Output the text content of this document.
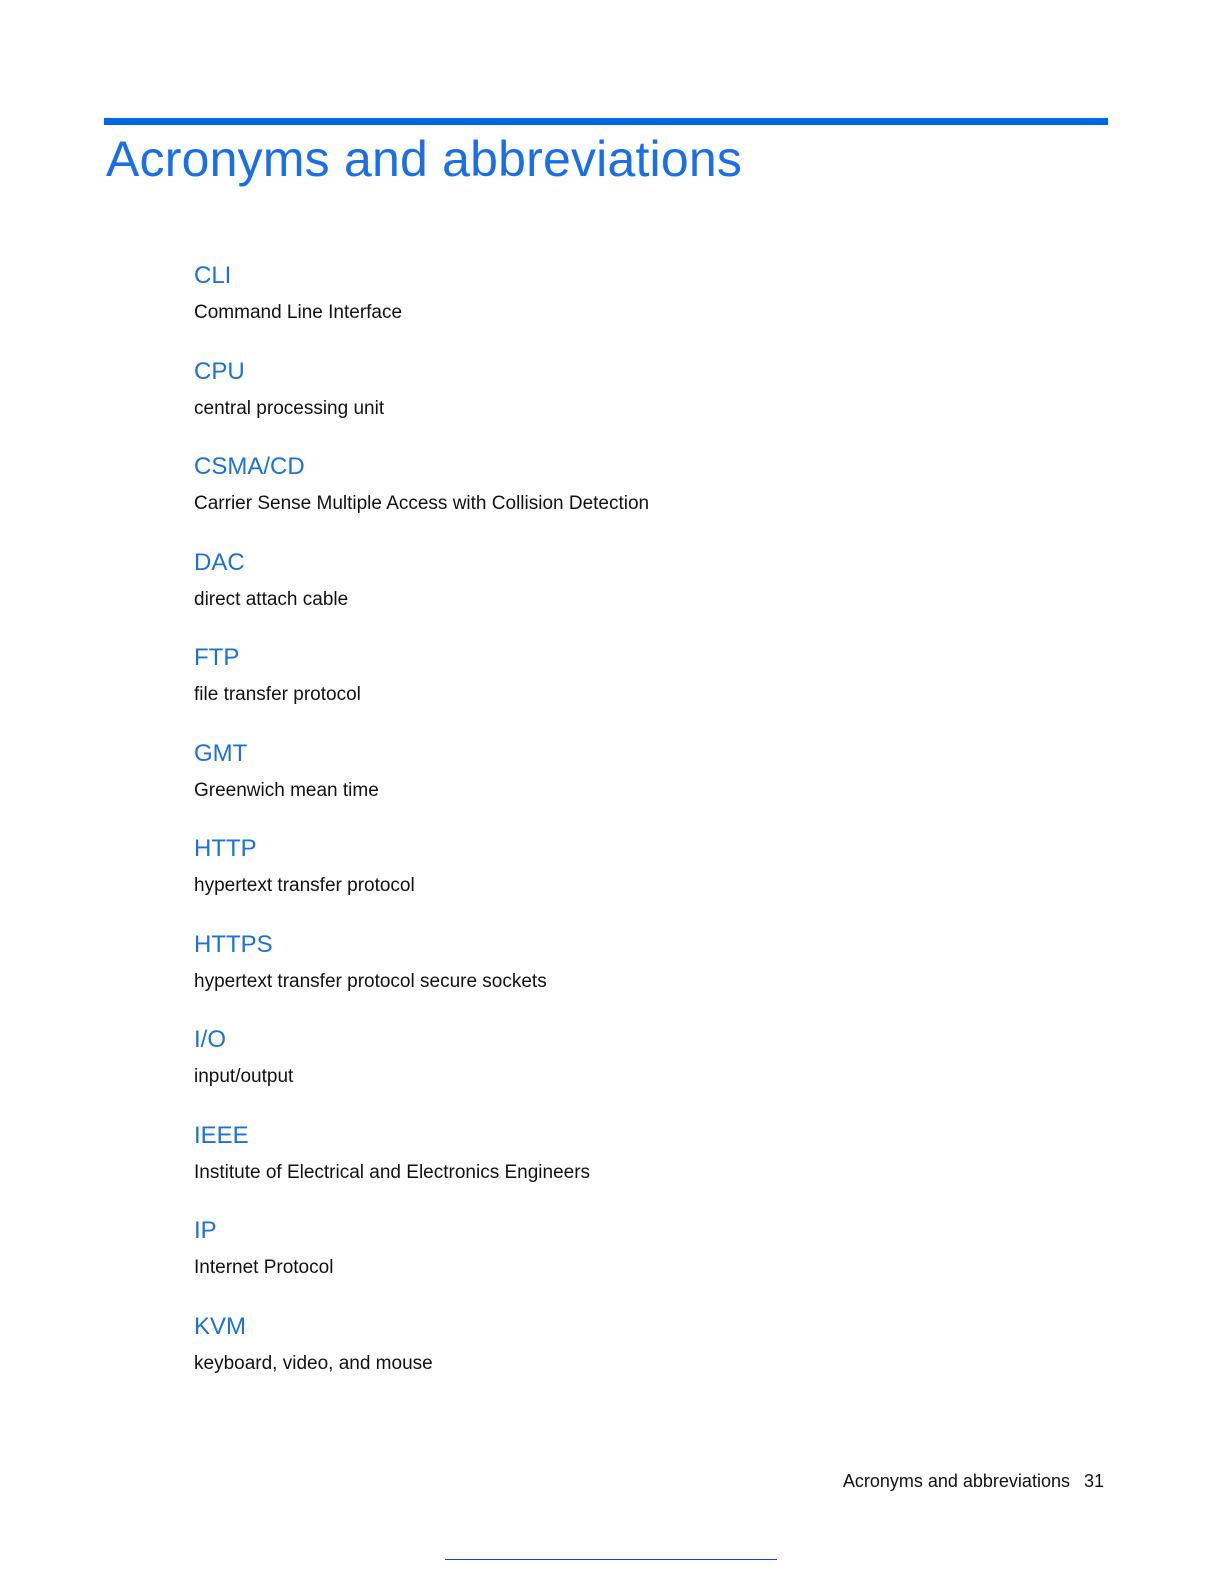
Acronyms and abbreviations
CLI
Command Line Interface
CPU
central processing unit
CSMA/CD
Carrier Sense Multiple Access with Collision Detection
DAC
direct attach cable
FTP
file transfer protocol
GMT
Greenwich mean time
HTTP
hypertext transfer protocol
HTTPS
hypertext transfer protocol secure sockets
I/O
input/output
IEEE
Institute of Electrical and Electronics Engineers
IP
Internet Protocol
KVM
keyboard, video, and mouse
Acronyms and abbreviations 31
